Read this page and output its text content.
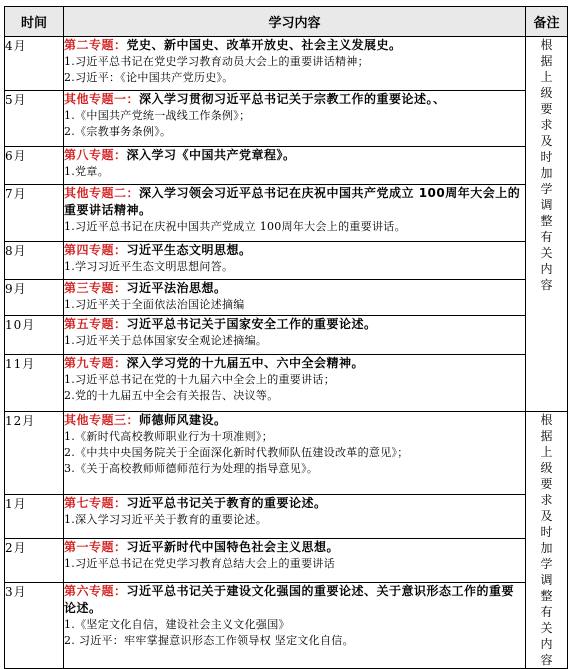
时间	学习内容	备注
4月	第二专题：党史、新中国史、改革开放史、社会主义发展史。
1.习近平总书记在党史学习教育动员大会上的重要讲话精神；
2.习近平：《论中国共产党历史》。	根据上级要求及时加学调整有关内容

5月	其他专题一：深入学习贯彻习近平总书记关于宗教工作的重要论述。、
1.《中国共产党统一战线工作条例》；
2.《宗教事务条例》。	

6月	第八专题：深入学习《中国共产党章程》。
1.党章。	

7月	其他专题二：深入学习领会习近平总书记在庆祝中国共产党成立 100周年大会上的重要讲话精神。
1.习近平总书记在庆祝中国共产党成立 100周年大会上的重要讲话。	

8月	第四专题：习近平生态文明思想。
1.学习习近平生态文明思想问答。	

9月	第三专题：习近平法治思想。
1.习近平关于全面依法治国论述摘编	

10月	第五专题：习近平总书记关于国家安全工作的重要论述。
1.习近平关于总体国家安全观论述摘编。	

11月	第九专题：深入学习党的十九届五中、六中全会精神。
1.习近平总书记在党的十九届六中全会上的重要讲话；
2.党的十九届五中全会有关报告、决议等。	

12月	其他专题三：师德师风建设。
1.《新时代高校教师职业行为十项准则》；
2.《中共中央国务院关于全面深化新时代教师队伍建设改革的意见》；
3.《关于高校教师师德师范行为处理的指导意见》。	根据上级要求及时加学调整有关内容

1月	第七专题：习近平总书记关于教育的重要论述。
1.深入学习习近平关于教育的重要论述。	

2月	第一专题：习近平新时代中国特色社会主义思想。
1.习近平总书记在党史学习教育总结大会上的重要讲话	

3月	第六专题：习近平总书记关于建设文化强国的重要论述、关于意识形态工作的重要论述。
1.《坚定文化自信，建设社会主义文化强国》
2. 习近平：牢牢掌握意识形态工作领导权 坚定文化自信。	
